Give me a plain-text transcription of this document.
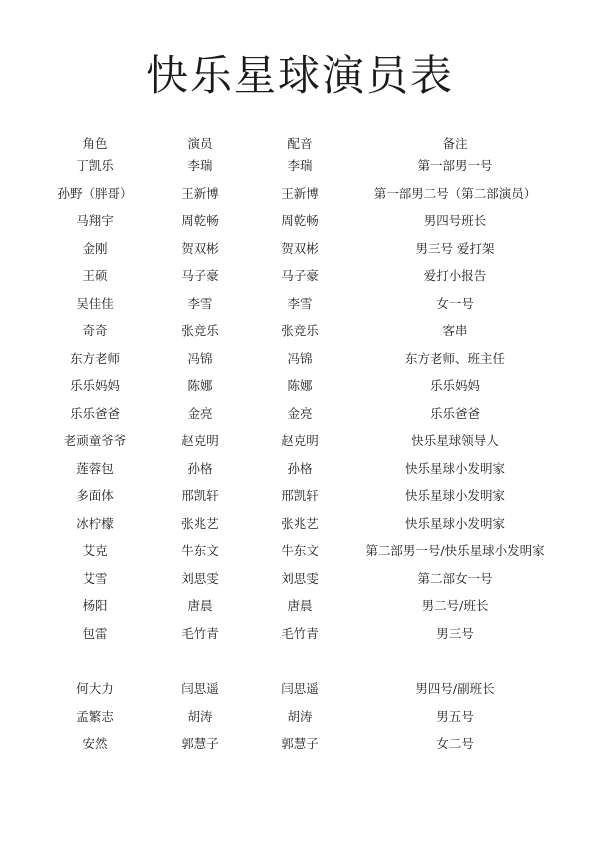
快乐星球演员表
角色	演员	配音	备注
丁凯乐	李瑞	李瑞	第一部男一号
孙野（胖哥）	王新博	王新博	第一部男二号（第二部演员）
马翔宇	周乾畅	周乾畅	男四号班长
金刚	贺双彬	贺双彬	男三号 爱打架
王硕	马子豪	马子豪	爱打小报告
吴佳佳	李雪	李雪	女一号
奇奇	张竞乐	张竞乐	客串
东方老师	冯锦	冯锦	东方老师、班主任
乐乐妈妈	陈娜	陈娜	乐乐妈妈
乐乐爸爸	金亮	金亮	乐乐爸爸
老顽童爷爷	赵克明	赵克明	快乐星球领导人
莲蓉包	孙格	孙格	快乐星球小发明家
多面体	邢凯轩	邢凯轩	快乐星球小发明家
冰柠檬	张兆艺	张兆艺	快乐星球小发明家
艾克	牛东文	牛东文	第二部男一号/快乐星球小发明家
艾雪	刘思雯	刘思雯	第二部女一号
杨阳	唐晨	唐晨	男二号/班长
包雷	毛竹青	毛竹青	男三号
何大力	闫思遥	闫思遥	男四号/副班长
孟繁志	胡涛	胡涛	男五号
安然	郭慧子	郭慧子	女二号
